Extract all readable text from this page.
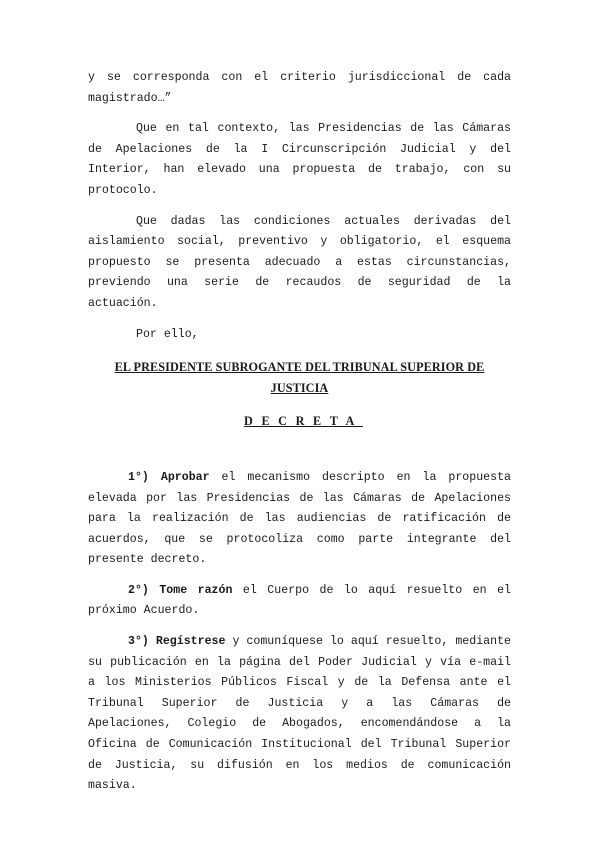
y se corresponda con el criterio jurisdiccional de cada magistrado…”

Que en tal contexto, las Presidencias de las Cámaras de Apelaciones de la I Circunscripción Judicial y del Interior, han elevado una propuesta de trabajo, con su protocolo.

Que dadas las condiciones actuales derivadas del aislamiento social, preventivo y obligatorio, el esquema propuesto se presenta adecuado a estas circunstancias, previendo una serie de recaudos de seguridad de la actuación.

Por ello,

EL PRESIDENTE SUBROGANTE DEL TRIBUNAL SUPERIOR DE JUSTICIA

DECRETA

1°) Aprobar el mecanismo descripto en la propuesta elevada por las Presidencias de las Cámaras de Apelaciones para la realización de las audiencias de ratificación de acuerdos, que se protocoliza como parte integrante del presente decreto.

2°) Tome razón el Cuerpo de lo aquí resuelto en el próximo Acuerdo.

3°) Regístrese y comuníquese lo aquí resuelto, mediante su publicación en la página del Poder Judicial y vía e-mail a los Ministerios Públicos Fiscal y de la Defensa ante el Tribunal Superior de Justicia y a las Cámaras de Apelaciones, Colegio de Abogados, encomendándose a la Oficina de Comunicación Institucional del Tribunal Superior de Justicia, su difusión en los medios de comunicación masiva.
